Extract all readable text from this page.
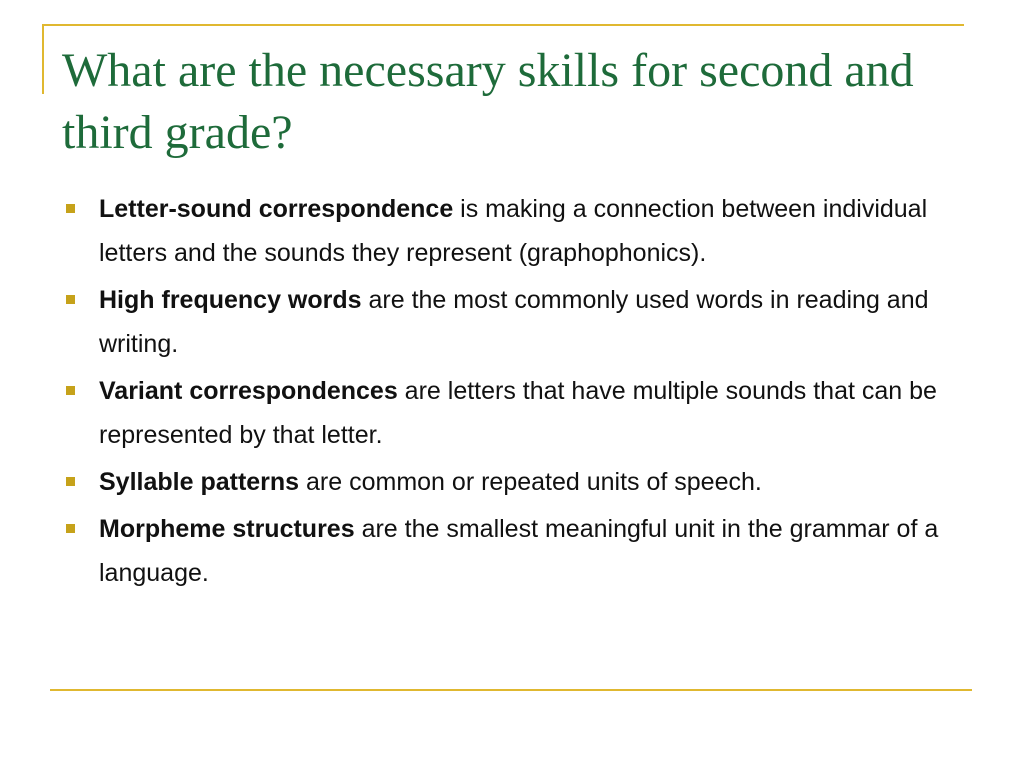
What are the necessary skills for second and third grade?
Letter-sound correspondence is making a connection between individual letters and the sounds they represent (graphophonics).
High frequency words are the most commonly used words in reading and writing.
Variant correspondences are letters that have multiple sounds that can be represented by that letter.
Syllable patterns are common or repeated units of speech.
Morpheme structures are the smallest meaningful unit in the grammar of a language.
